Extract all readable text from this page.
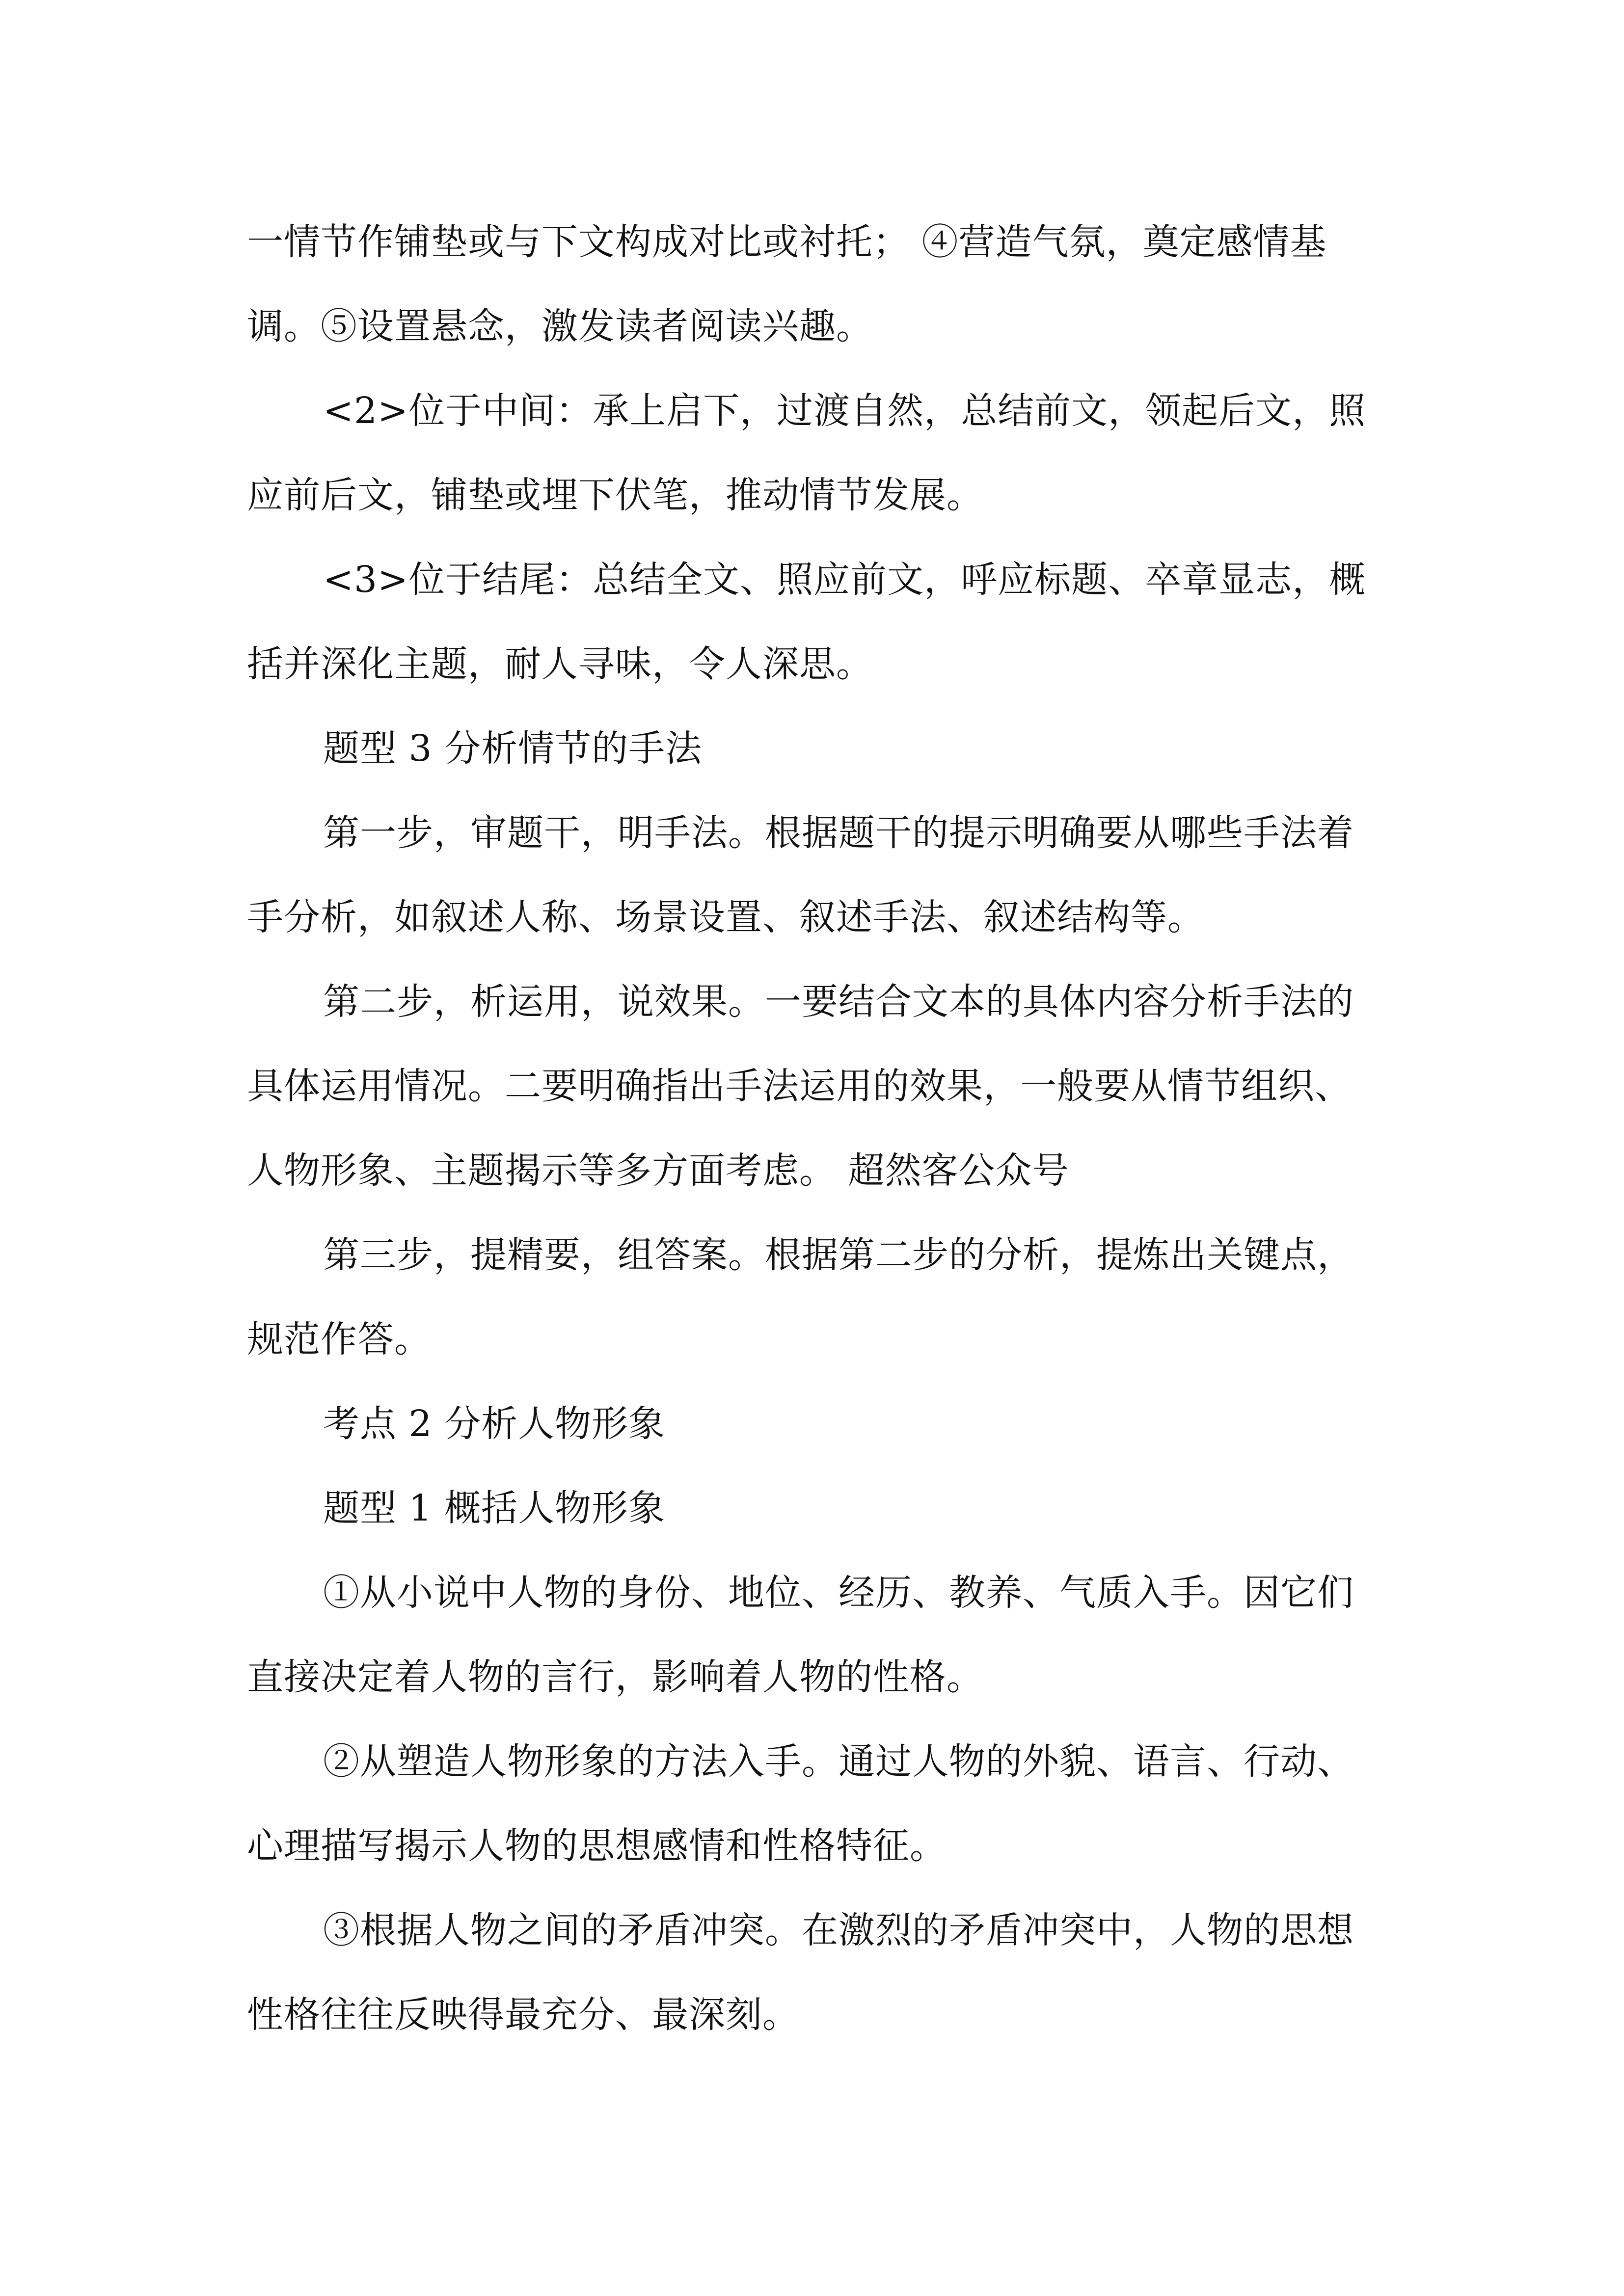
一情节作铺垫或与下文构成对比或衬托； ④营造气氛，奠定感情基
调。⑤设置悬念，激发读者阅读兴趣。
<2>位于中间：承上启下，过渡自然，总结前文，领起后文，照
应前后文，铺垫或埋下伏笔，推动情节发展。
<3>位于结尾：总结全文、照应前文，呼应标题、卒章显志，概
括并深化主题，耐人寻味，令人深思。
题型 3 分析情节的手法
第一步，审题干，明手法。根据题干的提示明确要从哪些手法着
手分析，如叙述人称、场景设置、叙述手法、叙述结构等。
第二步，析运用，说效果。一要结合文本的具体内容分析手法的
具体运用情况。二要明确指出手法运用的效果，一般要从情节组织、
人物形象、主题揭示等多方面考虑。 超然客公众号
第三步，提精要，组答案。根据第二步的分析，提炼出关键点，
规范作答。
考点 2 分析人物形象
题型 1 概括人物形象
①从小说中人物的身份、地位、经历、教养、气质入手。因它们
直接决定着人物的言行，影响着人物的性格。
②从塑造人物形象的方法入手。通过人物的外貌、语言、行动、
心理描写揭示人物的思想感情和性格特征。
③根据人物之间的矛盾冲突。在激烈的矛盾冲突中，人物的思想
性格往往反映得最充分、最深刻。
